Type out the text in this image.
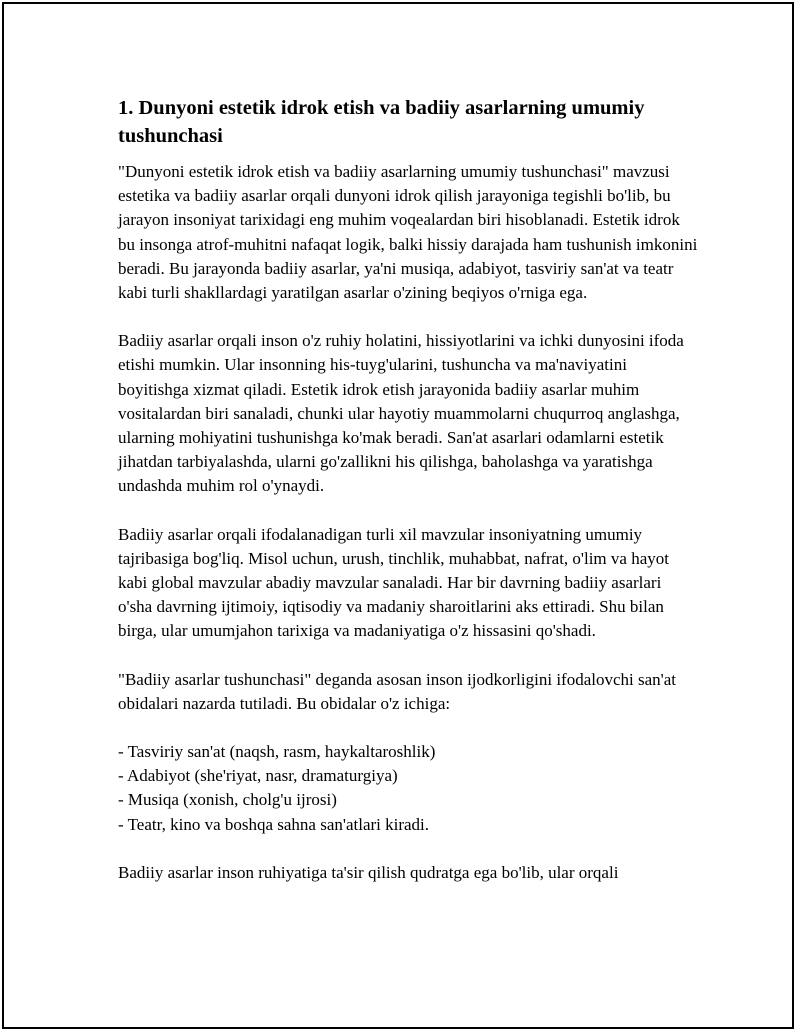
1. Dunyoni estetik idrok etish va badiiy asarlarning umumiy tushunchasi

"Dunyoni estetik idrok etish va badiiy asarlarning umumiy tushunchasi" mavzusi estetika va badiiy asarlar orqali dunyoni idrok qilish jarayoniga tegishli bo'lib, bu jarayon insoniyat tarixidagi eng muhim voqealardan biri hisoblanadi. Estetik idrok bu insonga atrof-muhitni nafaqat logik, balki hissiy darajada ham tushunish imkonini beradi. Bu jarayonda badiiy asarlar, ya'ni musiqa, adabiyot, tasviriy san'at va teatr kabi turli shakllardagi yaratilgan asarlar o'zining beqiyos o'rniga ega.

Badiiy asarlar orqali inson o'z ruhiy holatini, hissiyotlarini va ichki dunyosini ifoda etishi mumkin. Ular insonning his-tuyg'ularini, tushuncha va ma'naviyatini boyitishga xizmat qiladi. Estetik idrok etish jarayonida badiiy asarlar muhim vositalardan biri sanaladi, chunki ular hayotiy muammolarni chuqurroq anglashga, ularning mohiyatini tushunishga ko'mak beradi. San'at asarlari odamlarni estetik jihatdan tarbiyalashda, ularni go'zallikni his qilishga, baholashga va yaratishga undashda muhim rol o'ynaydi.

Badiiy asarlar orqali ifodalanadigan turli xil mavzular insoniyatning umumiy tajribasiga bog'liq. Misol uchun, urush, tinchlik, muhabbat, nafrat, o'lim va hayot kabi global mavzular abadiy mavzular sanaladi. Har bir davrning badiiy asarlari o'sha davrning ijtimoiy, iqtisodiy va madaniy sharoitlarini aks ettiradi. Shu bilan birga, ular umumjahon tarixiga va madaniyatiga o'z hissasini qo'shadi.

"Badiiy asarlar tushunchasi" deganda asosan inson ijodkorligini ifodalovchi san'at obidalari nazarda tutiladi. Bu obidalar o'z ichiga:

- Tasviriy san'at (naqsh, rasm, haykaltaroshlik)
- Adabiyot (she'riyat, nasr, dramaturgiya)
- Musiqa (xonish, cholg'u ijrosi)
- Teatr, kino va boshqa sahna san'atlari kiradi.

Badiiy asarlar inson ruhiyatiga ta'sir qilish qudratga ega bo'lib, ular orqali
